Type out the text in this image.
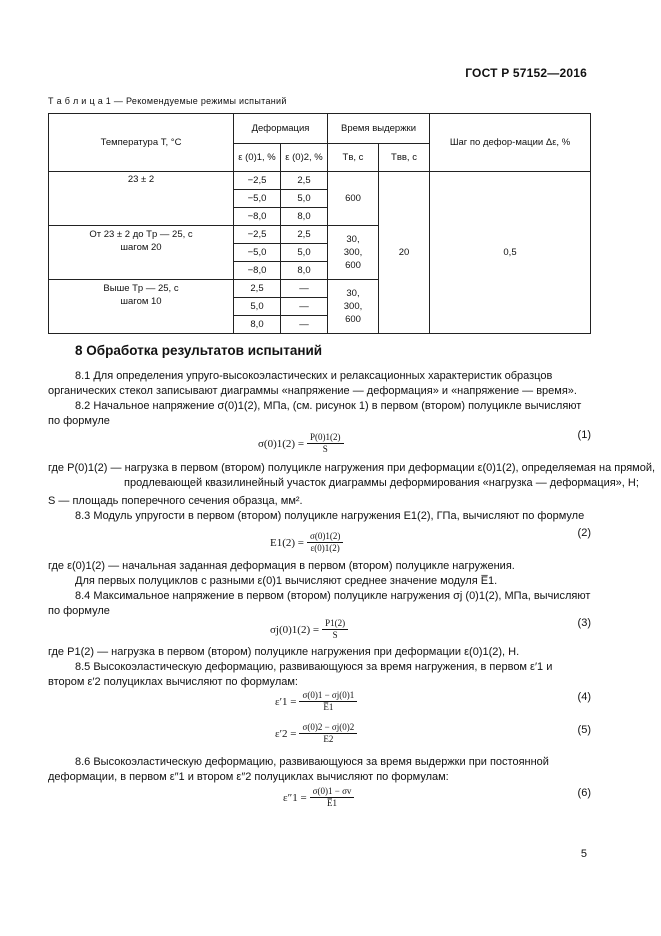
ГОСТ Р 57152—2016
Т а б л и ц а 1 — Рекомендуемые режимы испытаний
Температура T, °С	Деформация		Время выдержки		Шаг по дефор-мации Δε, %
	ε (0)1, %	ε (0)2, %	Tв, с	Tвв, с	
23 ± 2	−2,5	2,5	600	20	0,5
	−5,0	5,0			
	−8,0	8,0			
От 23 ± 2 до Tр — 25, с шагом 20	−2,5	2,5	30, 300, 600		
	−5,0	5,0			
	−8,0	8,0			
Выше Tр — 25, с шагом 10	2,5	—	30, 300, 600		
	5,0	—			
	8,0	—			
8 Обработка результатов испытаний
8.1 Для определения упруго-высокоэластических и релаксационных характеристик образцов органических стекол записывают диаграммы «напряжение — деформация» и «напряжение — время».
8.2 Начальное напряжение σ(0)1(2), МПа, (см. рисунок 1) в первом (втором) полуцикле вычисляют по формуле
$\sigma(0)1(2) = \frac{P(0)1(2)}{S}$	(1)
где P(0)1(2) — нагрузка в первом (втором) полуцикле нагружения при деформации ε(0)1(2), определяемая на прямой, продлевающей квазилинейный участок диаграммы деформирования «нагрузка — деформация», Н;
S — площадь поперечного сечения образца, мм².
8.3 Модуль упругости в первом (втором) полуцикле нагружения E1(2), ГПа, вычисляют по формуле
$E1(2) = \frac{\sigma(0)1(2)}{\varepsilon(0)1(2)}$	(2)
где ε(0)1(2) — начальная заданная деформация в первом (втором) полуцикле нагружения.
Для первых полуциклов с разными ε(0)1 вычисляют среднее значение модуля E̅1.
8.4 Максимальное напряжение в первом (втором) полуцикле нагружения σj (0)1(2), МПа, вычисляют по формуле
$\sigma j(0)1(2) = \frac{P1(2)}{S}$	(3)
где P1(2) — нагрузка в первом (втором) полуцикле нагружения при деформации ε(0)1(2), Н.
8.5 Высокоэластическую деформацию, развивающуюся за время нагружения, в первом ε′1 и втором ε′2 полуциклах вычисляют по формулам:
$\varepsilon'1 = \frac{\sigma(0)1 - \sigma j(0)1}{E̅1}$	(4)
$\varepsilon'2 = \frac{\sigma(0)2 - \sigma j(0)2}{E2}$	(5)
8.6 Высокоэластическую деформацию, развивающуюся за время выдержки при постоянной деформации, в первом ε″1 и втором ε″2 полуциклах вычисляют по формулам:
$\varepsilon''1 = \frac{\sigma(0)1 - \sigma v}{E̅1}$	(6)
5
